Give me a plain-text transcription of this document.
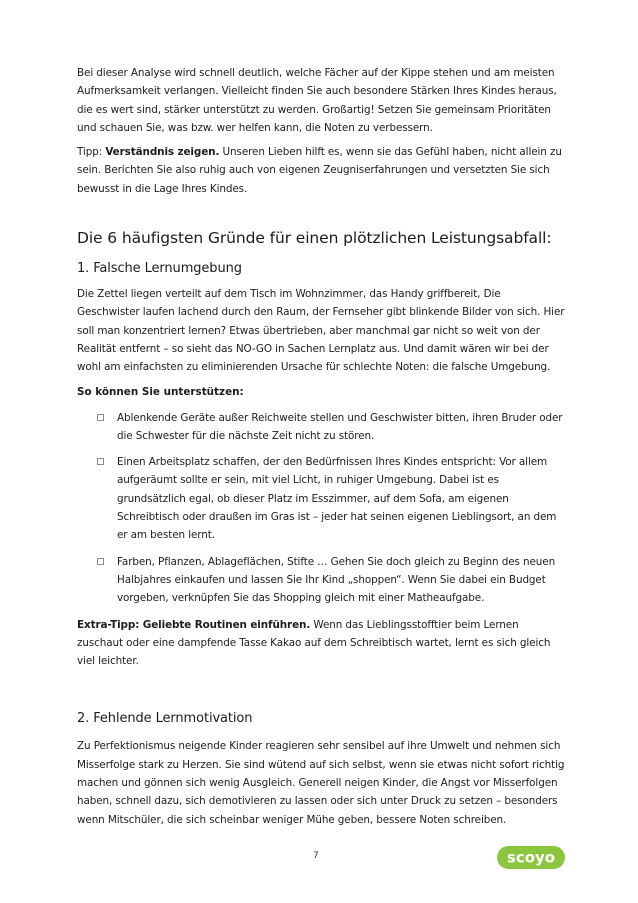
Bei dieser Analyse wird schnell deutlich, welche Fächer auf der Kippe stehen und am meisten Aufmerksamkeit verlangen. Vielleicht finden Sie auch besondere Stärken Ihres Kindes heraus, die es wert sind, stärker unterstützt zu werden. Großartig! Setzen Sie gemeinsam Prioritäten und schauen Sie, was bzw. wer helfen kann, die Noten zu verbessern.

Tipp: Verständnis zeigen. Unseren Lieben hilft es, wenn sie das Gefühl haben, nicht allein zu sein. Berichten Sie also ruhig auch von eigenen Zeugniserfahrungen und versetzten Sie sich bewusst in die Lage Ihres Kindes.

Die 6 häufigsten Gründe für einen plötzlichen Leistungsabfall:
1. Falsche Lernumgebung

Die Zettel liegen verteilt auf dem Tisch im Wohnzimmer, das Handy griffbereit, Die Geschwister laufen lachend durch den Raum, der Fernseher gibt blinkende Bilder von sich. Hier soll man konzentriert lernen? Etwas übertrieben, aber manchmal gar nicht so weit von der Realität entfernt – so sieht das NO-GO in Sachen Lernplatz aus. Und damit wären wir bei der wohl am einfachsten zu eliminierenden Ursache für schlechte Noten: die falsche Umgebung.

So können Sie unterstützen:
Ablenkende Geräte außer Reichweite stellen und Geschwister bitten, ihren Bruder oder die Schwester für die nächste Zeit nicht zu stören.
Einen Arbeitsplatz schaffen, der den Bedürfnissen Ihres Kindes entspricht: Vor allem aufgeräumt sollte er sein, mit viel Licht, in ruhiger Umgebung. Dabei ist es grundsätzlich egal, ob dieser Platz im Esszimmer, auf dem Sofa, am eigenen Schreibtisch oder draußen im Gras ist – jeder hat seinen eigenen Lieblingsort, an dem er am besten lernt.
Farben, Pflanzen, Ablageflächen, Stifte … Gehen Sie doch gleich zu Beginn des neuen Halbjahres einkaufen und lassen Sie Ihr Kind „shoppen“. Wenn Sie dabei ein Budget vorgeben, verknüpfen Sie das Shopping gleich mit einer Matheaufgabe.

Extra-Tipp: Geliebte Routinen einführen. Wenn das Lieblingsstofftier beim Lernen zuschaut oder eine dampfende Tasse Kakao auf dem Schreibtisch wartet, lernt es sich gleich viel leichter.

2. Fehlende Lernmotivation

Zu Perfektionismus neigende Kinder reagieren sehr sensibel auf ihre Umwelt und nehmen sich Misserfolge stark zu Herzen. Sie sind wütend auf sich selbst, wenn sie etwas nicht sofort richtig machen und gönnen sich wenig Ausgleich. Generell neigen Kinder, die Angst vor Misserfolgen haben, schnell dazu, sich demotivieren zu lassen oder sich unter Druck zu setzen – besonders wenn Mitschüler, die sich scheinbar weniger Mühe geben, bessere Noten schreiben.

7	scoyo
